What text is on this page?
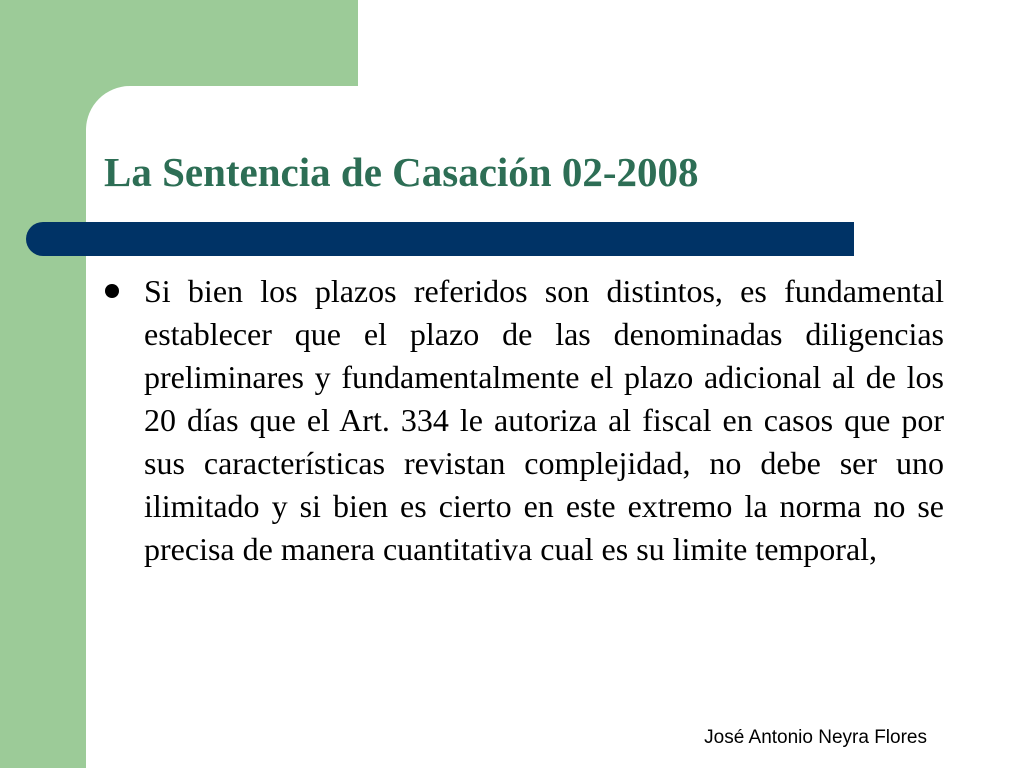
La Sentencia de Casación 02-2008

Si bien los plazos referidos son distintos, es fundamental establecer que el plazo de las denominadas diligencias preliminares y fundamentalmente el plazo adicional al de los 20 días que el Art. 334 le autoriza al fiscal en casos que por sus características revistan complejidad, no debe ser uno ilimitado y si bien es cierto en este extremo la norma no se precisa de manera cuantitativa cual es su limite temporal,

José Antonio Neyra Flores
